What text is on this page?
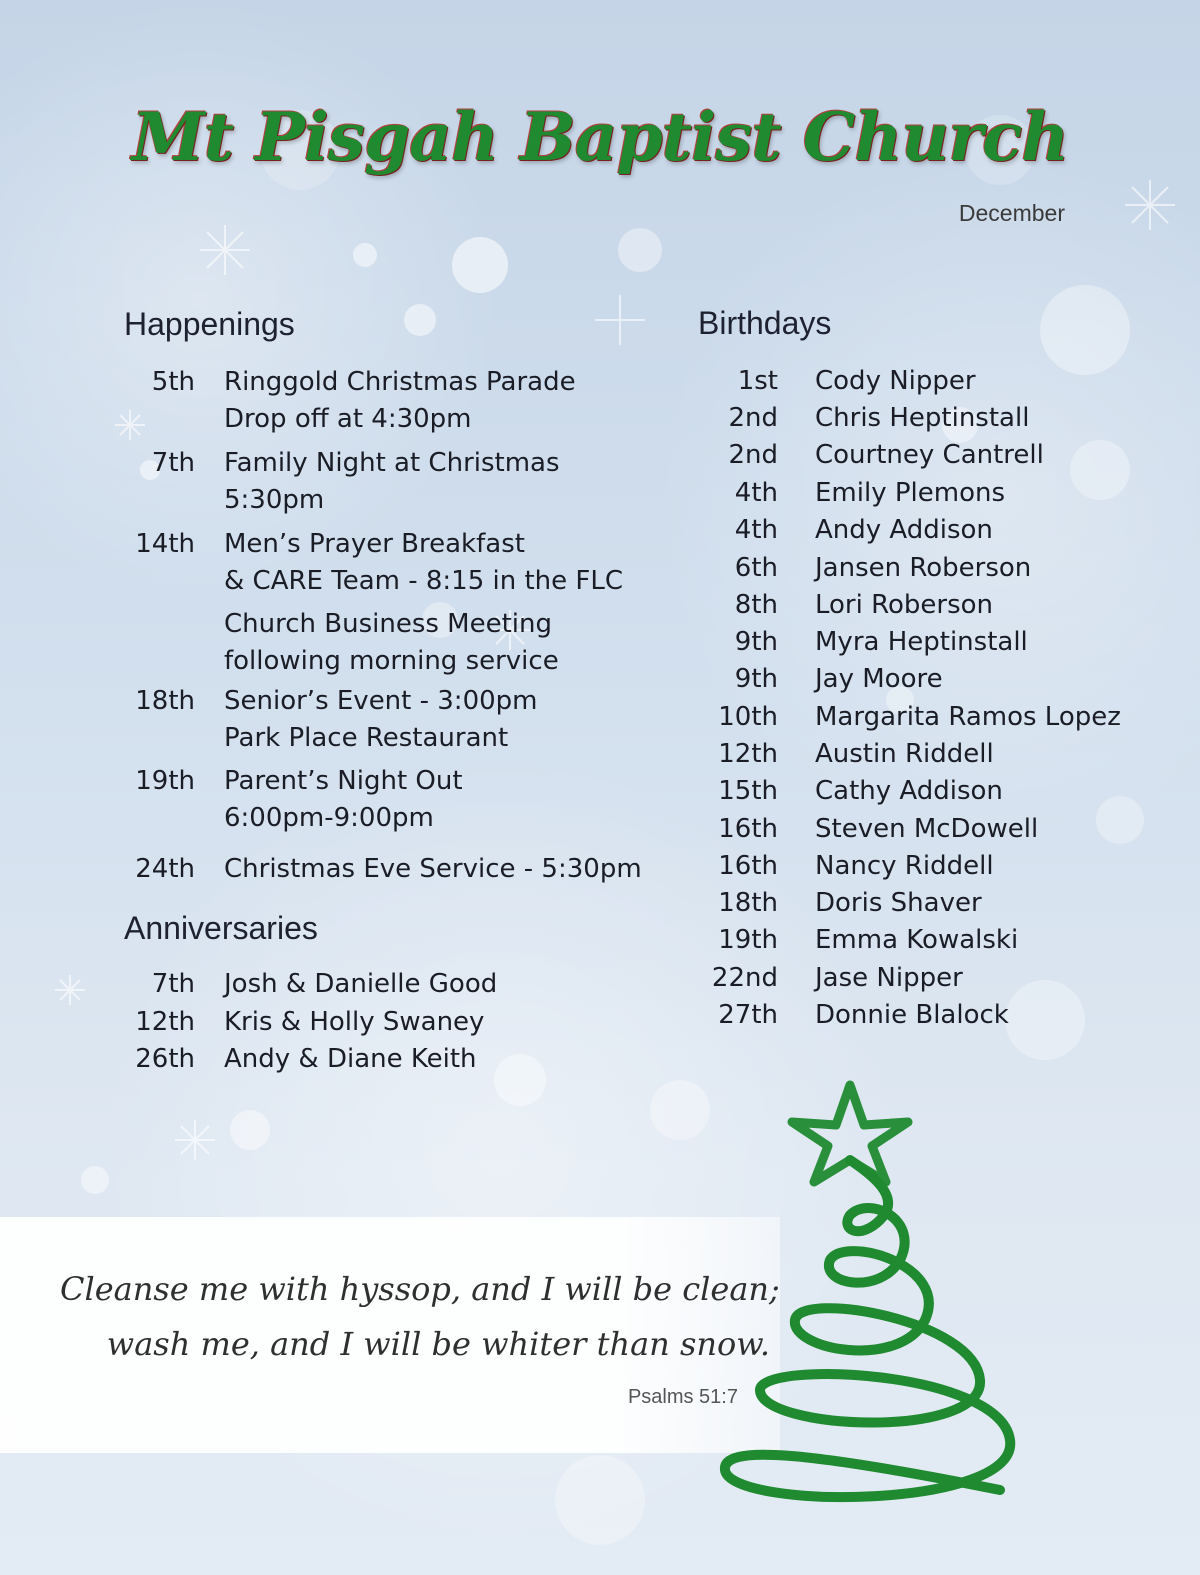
Mt Pisgah Baptist Church
December
Happenings
5th Ringgold Christmas Parade
Drop off at 4:30pm
7th Family Night at Christmas
5:30pm
14th Men’s Prayer Breakfast
& CARE Team - 8:15 in the FLC
Church Business Meeting
following morning service
18th Senior’s Event - 3:00pm
Park Place Restaurant
19th Parent’s Night Out
6:00pm-9:00pm
24th Christmas Eve Service - 5:30pm
Anniversaries
7th Josh & Danielle Good
12th Kris & Holly Swaney
26th Andy & Diane Keith
Birthdays
1st Cody Nipper
2nd Chris Heptinstall
2nd Courtney Cantrell
4th Emily Plemons
4th Andy Addison
6th Jansen Roberson
8th Lori Roberson
9th Myra Heptinstall
9th Jay Moore
10th Margarita Ramos Lopez
12th Austin Riddell
15th Cathy Addison
16th Steven McDowell
16th Nancy Riddell
18th Doris Shaver
19th Emma Kowalski
22nd Jase Nipper
27th Donnie Blalock
Cleanse me with hyssop, and I will be clean;
wash me, and I will be whiter than snow.
Psalms 51:7
